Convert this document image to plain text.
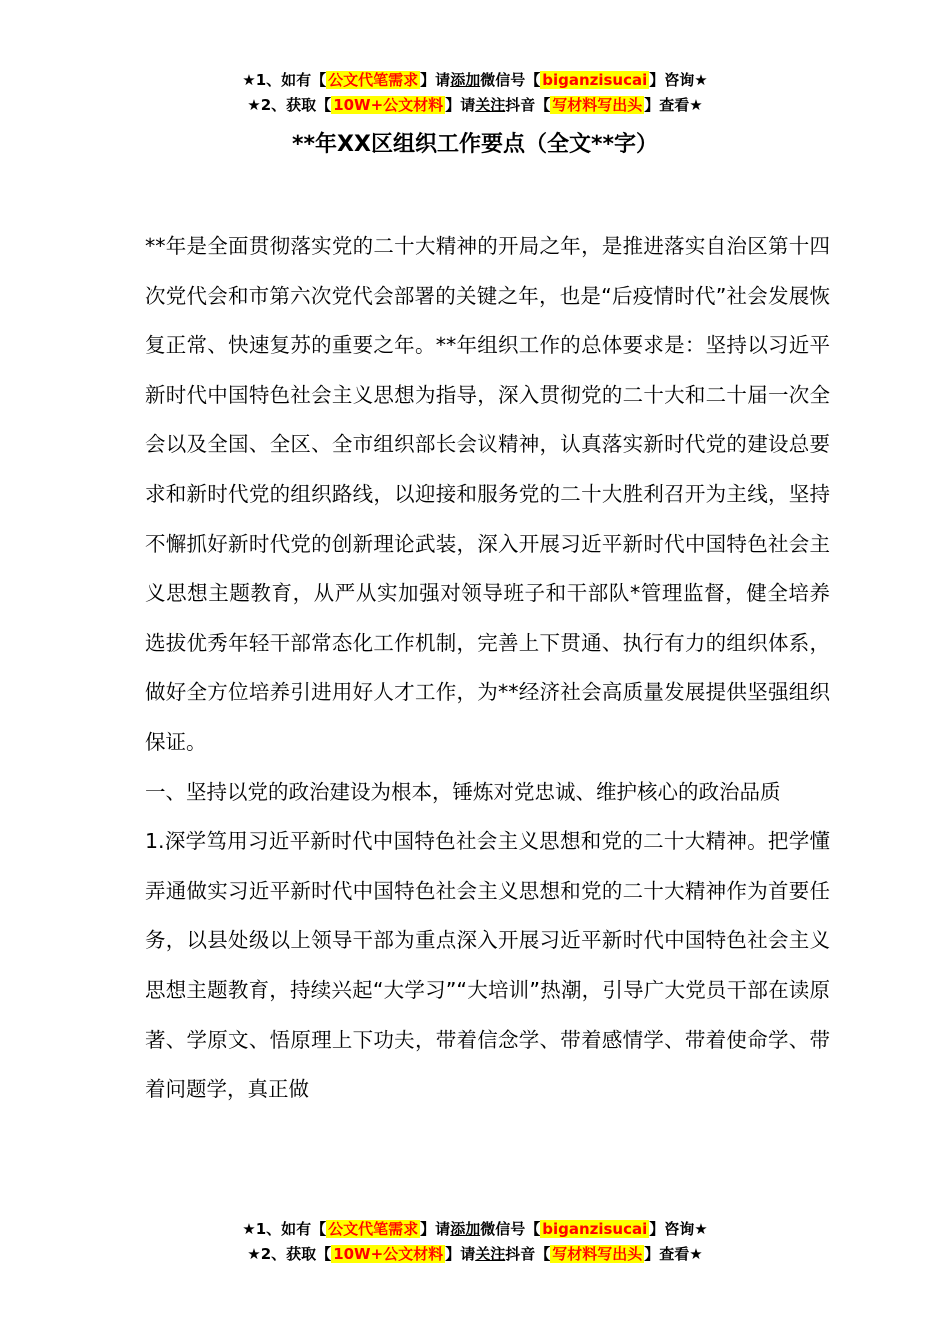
★1、如有【 公文代笔需求 】请添加微信号【 biganzisucai 】咨询★
★2、获取【 10W+公文材料 】请关注抖音【 写材料写出头 】查看★
**年XX区组织工作要点（全文**字）

**年是全面贯彻落实党的二十大精神的开局之年，是推进落实自治区第十四次党代会和市第六次党代会部署的关键之年，也是“后疫情时代”社会发展恢复正常、快速复苏的重要之年。**年组织工作的总体要求是：坚持以习近平新时代中国特色社会主义思想为指导，深入贯彻党的二十大和二十届一次全会以及全国、全区、全市组织部长会议精神，认真落实新时代党的建设总要求和新时代党的组织路线，以迎接和服务党的二十大胜利召开为主线，坚持不懈抓好新时代党的创新理论武装，深入开展习近平新时代中国特色社会主义思想主题教育，从严从实加强对领导班子和干部队*管理监督，健全培养选拔优秀年轻干部常态化工作机制，完善上下贯通、执行有力的组织体系，做好全方位培养引进用好人才工作，为**经济社会高质量发展提供坚强组织保证。

一、坚持以党的政治建设为根本，锤炼对党忠诚、维护核心的政治品质

1.深学笃用习近平新时代中国特色社会主义思想和党的二十大精神。把学懂弄通做实习近平新时代中国特色社会主义思想和党的二十大精神作为首要任务，以县处级以上领导干部为重点深入开展习近平新时代中国特色社会主义思想主题教育，持续兴起“大学习”“大培训”热潮，引导广大党员干部在读原著、学原文、悟原理上下功夫，带着信念学、带着感情学、带着使命学、带着问题学，真正做

★1、如有【 公文代笔需求 】请添加微信号【 biganzisucai 】咨询★
★2、获取【 10W+公文材料 】请关注抖音【 写材料写出头 】查看★
